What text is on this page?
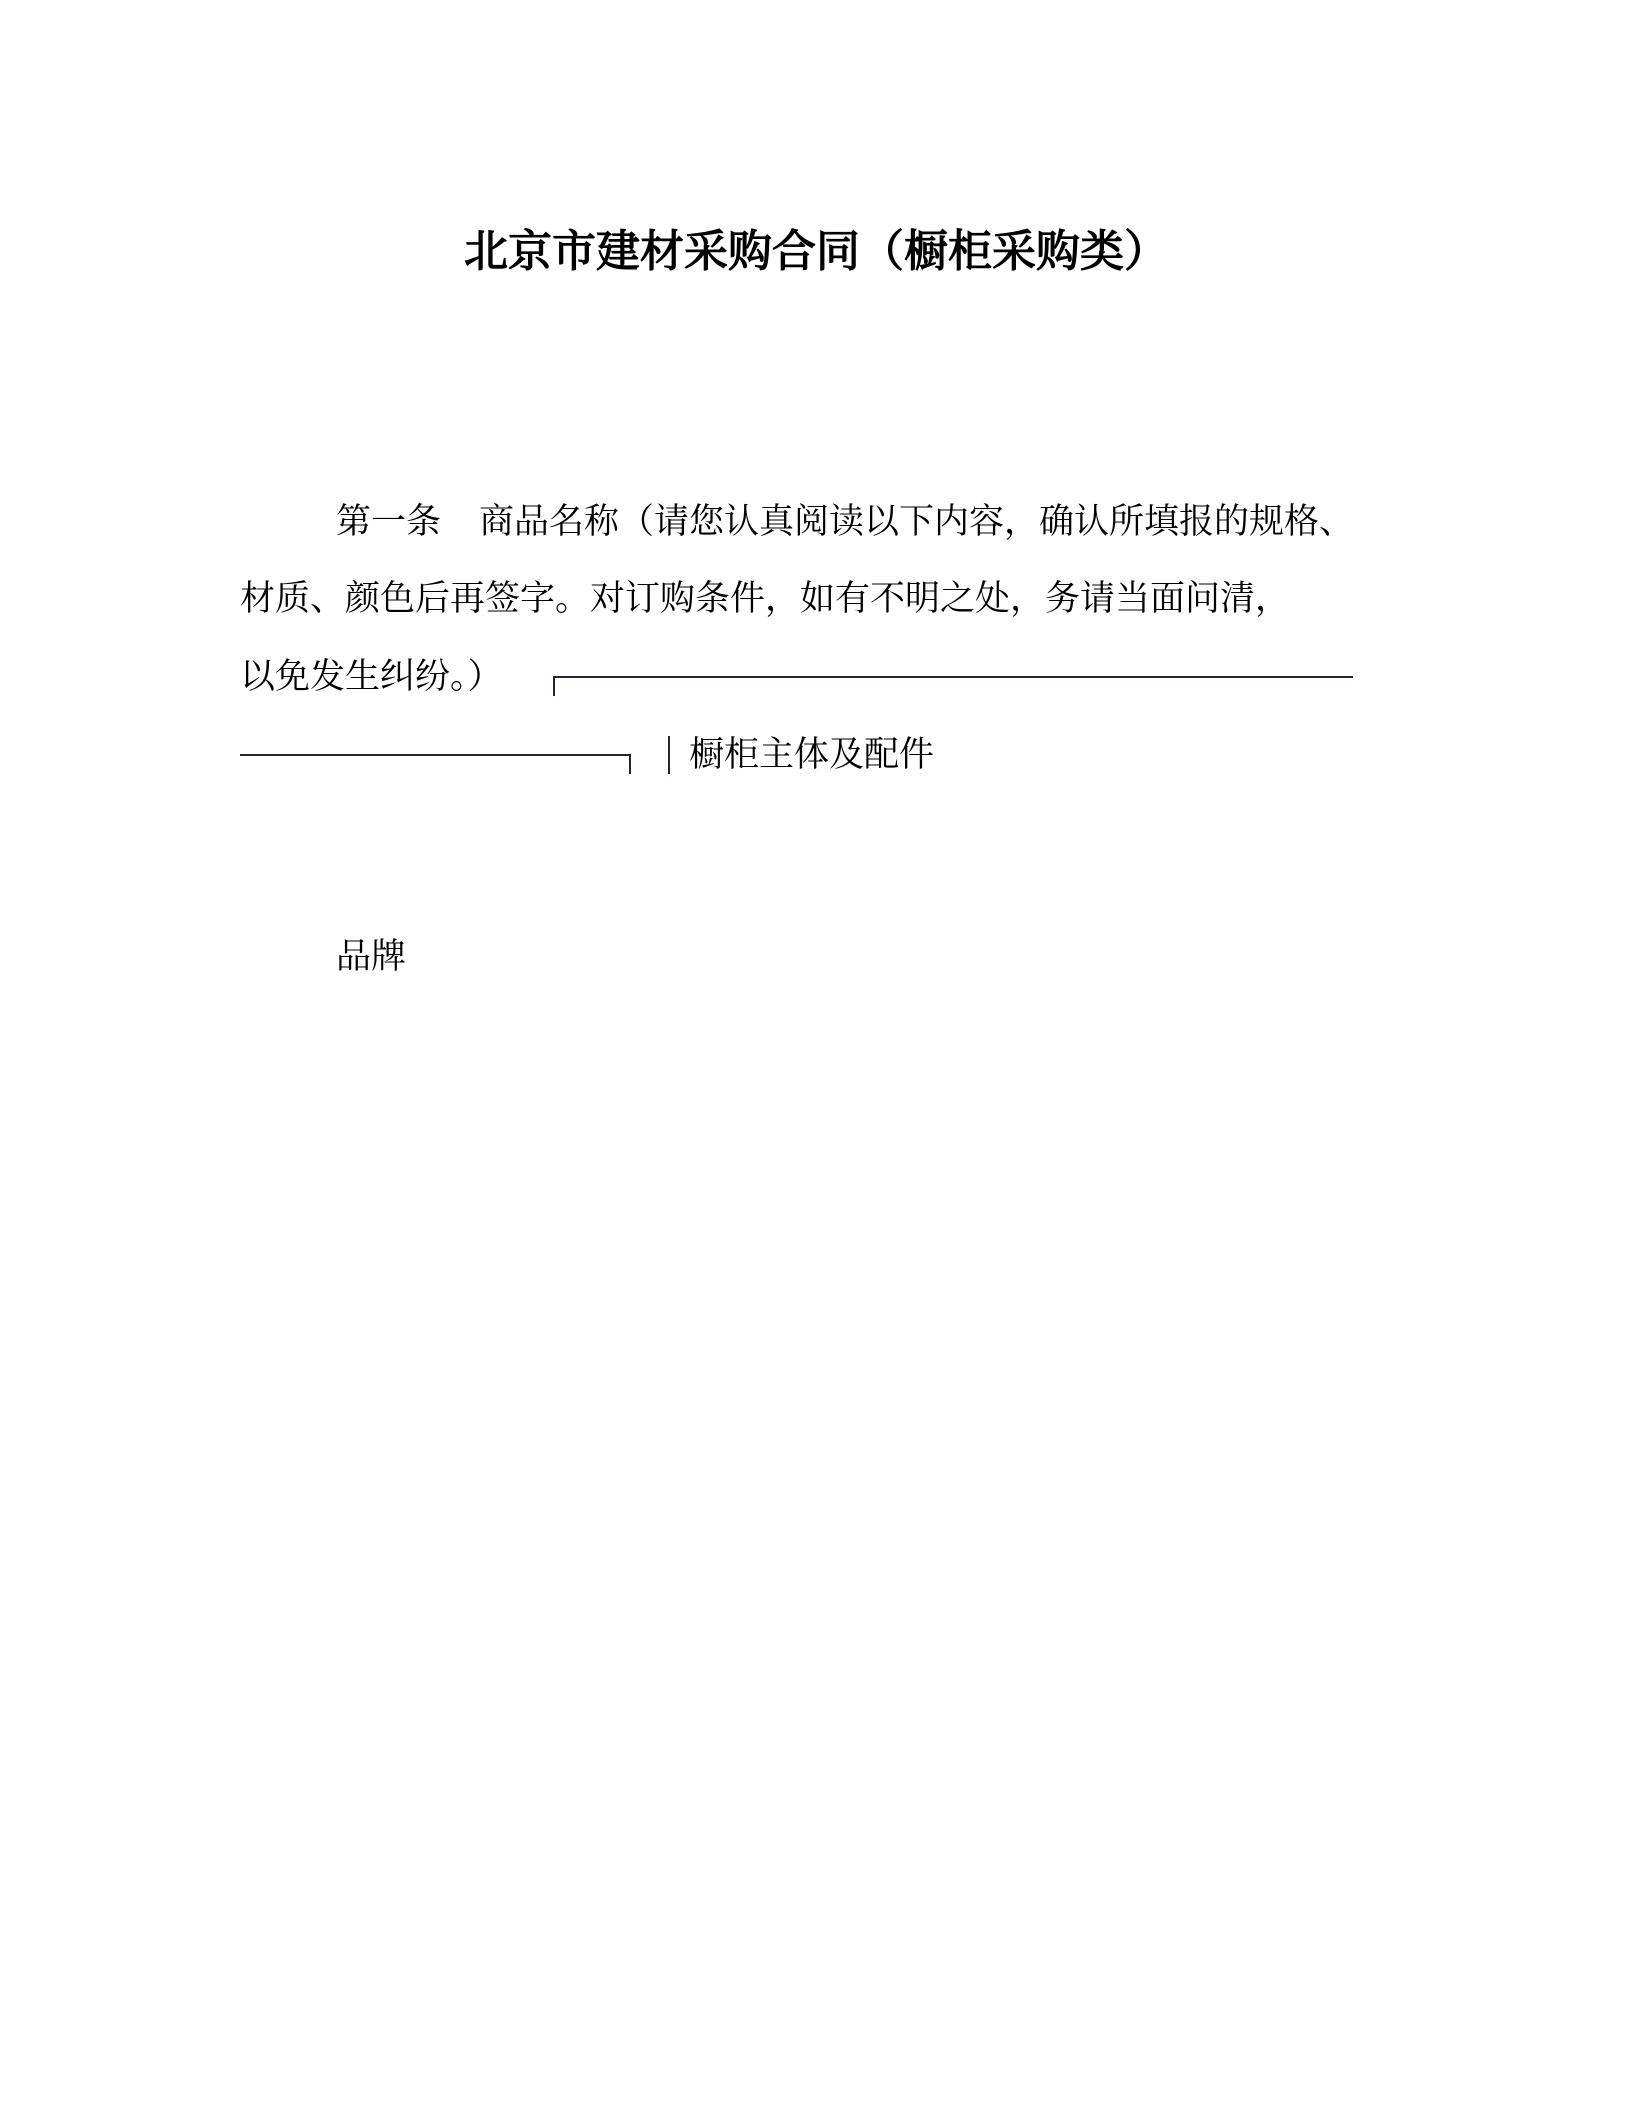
北京市建材采购合同（橱柜采购类）
第一条 商品名称（请您认真阅读以下内容，确认所填报的规格、
材质、颜色后再签字。对订购条件，如有不明之处，务请当面问清，
以免发生纠纷。）
橱柜主体及配件
品牌
